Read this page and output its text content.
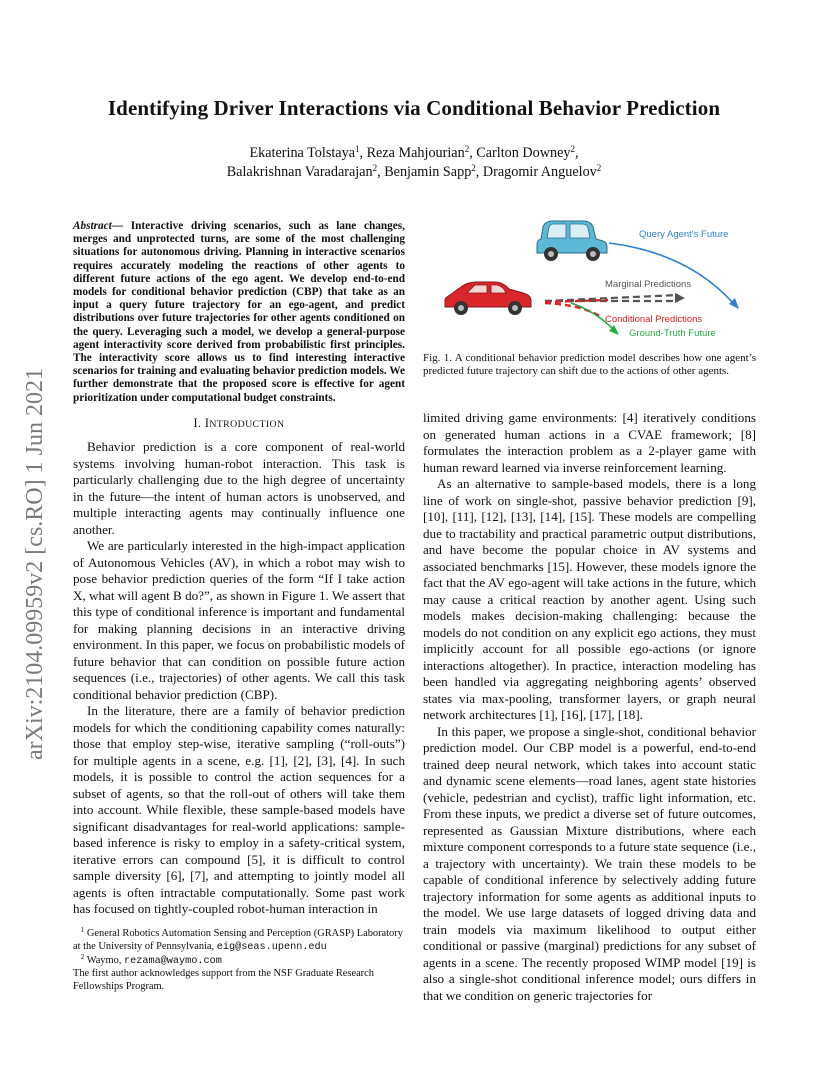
arXiv:2104.09959v2 [cs.RO] 1 Jun 2021
Identifying Driver Interactions via Conditional Behavior Prediction
Ekaterina Tolstaya$^1$, Reza Mahjourian$^2$, Carlton Downey$^2$,
Balakrishnan Varadarajan$^2$, Benjamin Sapp$^2$, Dragomir Anguelov$^2$

Abstract— Interactive driving scenarios, such as lane changes, merges and unprotected turns, are some of the most challenging situations for autonomous driving. Planning in interactive scenarios requires accurately modeling the reactions of other agents to different future actions of the ego agent. We develop end-to-end models for conditional behavior prediction (CBP) that take as an input a query future trajectory for an ego-agent, and predict distributions over future trajectories for other agents conditioned on the query. Leveraging such a model, we develop a general-purpose agent interactivity score derived from probabilistic first principles. The interactivity score allows us to find interesting interactive scenarios for training and evaluating behavior prediction models. We further demonstrate that the proposed score is effective for agent prioritization under computational budget constraints.

I. INTRODUCTION

Behavior prediction is a core component of real-world systems involving human-robot interaction. This task is particularly challenging due to the high degree of uncertainty in the future—the intent of human actors is unobserved, and multiple interacting agents may continually influence one another.

We are particularly interested in the high-impact application of Autonomous Vehicles (AV), in which a robot may wish to pose behavior prediction queries of the form “If I take action X, what will agent B do?”, as shown in Figure 1. We assert that this type of conditional inference is important and fundamental for making planning decisions in an interactive driving environment. In this paper, we focus on probabilistic models of future behavior that can condition on possible future action sequences (i.e., trajectories) of other agents. We call this task conditional behavior prediction (CBP).

In the literature, there are a family of behavior prediction models for which the conditioning capability comes naturally: those that employ step-wise, iterative sampling (“roll-outs”) for multiple agents in a scene, e.g. [1], [2], [3], [4]. In such models, it is possible to control the action sequences for a subset of agents, so that the roll-out of others will take them into account. While flexible, these sample-based models have significant disadvantages for real-world applications: sample-based inference is risky to employ in a safety-critical system, iterative errors can compound [5], it is difficult to control sample diversity [6], [7], and attempting to jointly model all agents is often intractable computationally. Some past work has focused on tightly-coupled robot-human interaction in

$^1$ General Robotics Automation Sensing and Perception (GRASP) Laboratory at the University of Pennsylvania, eig@seas.upenn.edu

$^2$ Waymo, rezama@waymo.com

The first author acknowledges support from the NSF Graduate Research Fellowships Program.

Query Agent's Future
Marginal Predictions
Conditional Predictions
Ground-Truth Future

Fig. 1. A conditional behavior prediction model describes how one agent’s predicted future trajectory can shift due to the actions of other agents.

limited driving game environments: [4] iteratively conditions on generated human actions in a CVAE framework; [8] formulates the interaction problem as a 2-player game with human reward learned via inverse reinforcement learning.

As an alternative to sample-based models, there is a long line of work on single-shot, passive behavior prediction [9], [10], [11], [12], [13], [14], [15]. These models are compelling due to tractability and practical parametric output distributions, and have become the popular choice in AV systems and associated benchmarks [15]. However, these models ignore the fact that the AV ego-agent will take actions in the future, which may cause a critical reaction by another agent. Using such models makes decision-making challenging: because the models do not condition on any explicit ego actions, they must implicitly account for all possible ego-actions (or ignore interactions altogether). In practice, interaction modeling has been handled via aggregating neighboring agents’ observed states via max-pooling, transformer layers, or graph neural network architectures [1], [16], [17], [18].

In this paper, we propose a single-shot, conditional behavior prediction model. Our CBP model is a powerful, end-to-end trained deep neural network, which takes into account static and dynamic scene elements—road lanes, agent state histories (vehicle, pedestrian and cyclist), traffic light information, etc. From these inputs, we predict a diverse set of future outcomes, represented as Gaussian Mixture distributions, where each mixture component corresponds to a future state sequence (i.e., a trajectory with uncertainty). We train these models to be capable of conditional inference by selectively adding future trajectory information for some agents as additional inputs to the model. We use large datasets of logged driving data and train models via maximum likelihood to output either conditional or passive (marginal) predictions for any subset of agents in a scene. The recently proposed WIMP model [19] is also a single-shot conditional inference model; ours differs in that we condition on generic trajectories for
